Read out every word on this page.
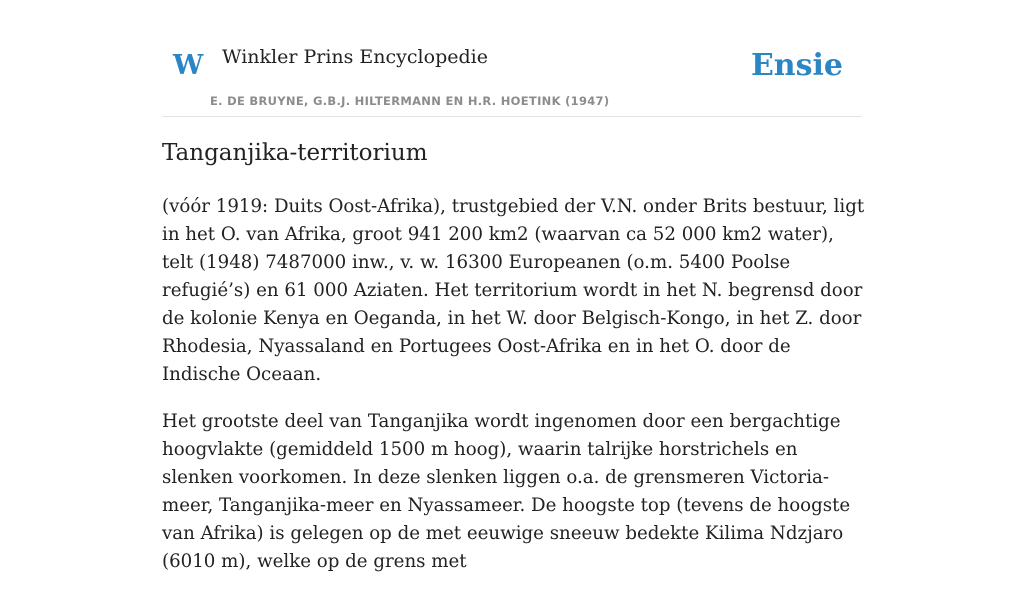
W Winkler Prins Encyclopedie
E. DE BRUYNE, G.B.J. HILTERMANN EN H.R. HOETINK (1947)
Ensie
Tanganjika-territorium

(vóór 1919: Duits Oost-Afrika), trustgebied der V.N. onder Brits bestuur, ligt in het O. van Afrika, groot 941 200 km2 (waarvan ca 52 000 km2 water), telt (1948) 7487000 inw., v. w. 16300 Europeanen (o.m. 5400 Poolse refugié’s) en 61 000 Aziaten. Het territorium wordt in het N. begrensd door de kolonie Kenya en Oeganda, in het W. door Belgisch-Kongo, in het Z. door Rhodesia, Nyassaland en Portugees Oost-Afrika en in het O. door de Indische Oceaan.

Het grootste deel van Tanganjika wordt ingenomen door een bergachtige hoogvlakte (gemiddeld 1500 m hoog), waarin talrijke horstrichels en slenken voorkomen. In deze slenken liggen o.a. de grensmeren Victoria-meer, Tanganjika-meer en Nyassameer. De hoogste top (tevens de hoogste van Afrika) is gelegen op de met eeuwige sneeuw bedekte Kilima Ndzjaro (6010 m), welke op de grens met
